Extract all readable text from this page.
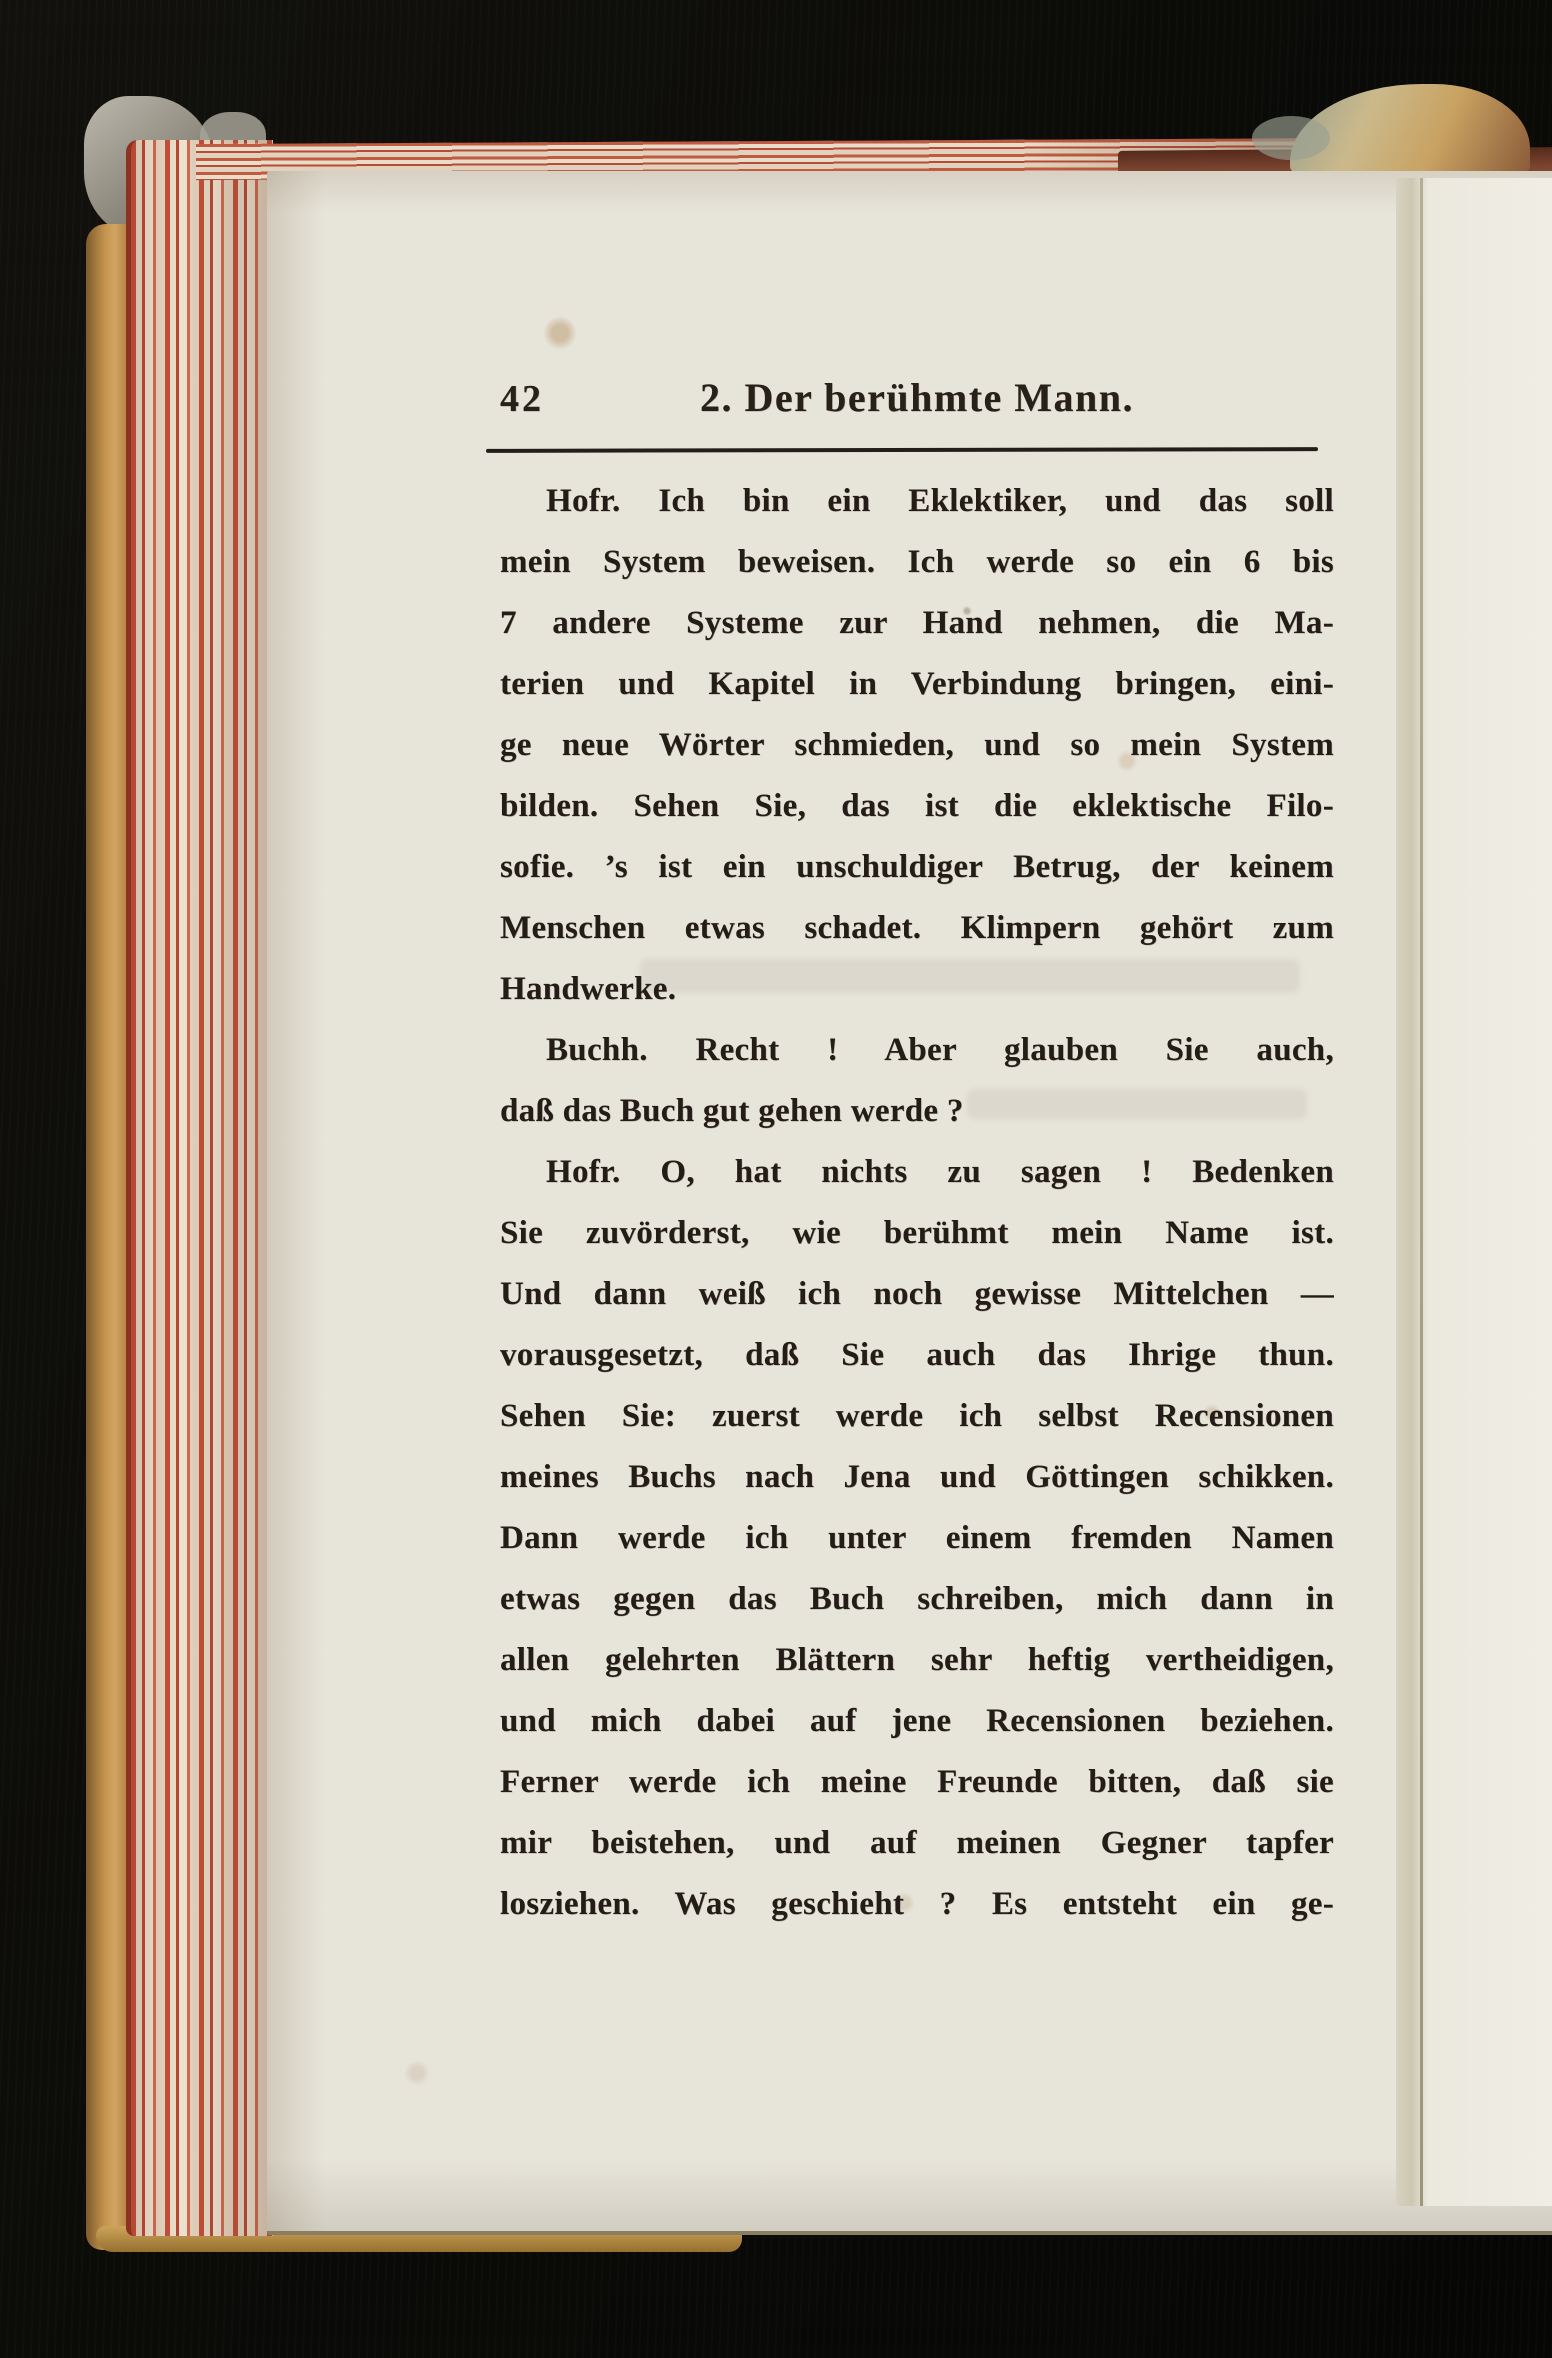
42	2. Der berühmte Mann.
Hofr. Ich bin ein Eklektiker, und das soll
mein System beweisen. Ich werde so ein 6 bis
7 andere Systeme zur Hand nehmen, die Ma-
terien und Kapitel in Verbindung bringen, eini-
ge neue Wörter schmieden, und so mein System
bilden. Sehen Sie, das ist die eklektische Filo-
sofie. ’s ist ein unschuldiger Betrug, der keinem
Menschen etwas schadet. Klimpern gehört zum
Handwerke.
Buchh. Recht ! Aber glauben Sie auch,
daß das Buch gut gehen werde ?
Hofr. O, hat nichts zu sagen ! Bedenken
Sie zuvörderst, wie berühmt mein Name ist.
Und dann weiß ich noch gewisse Mittelchen —
vorausgesetzt, daß Sie auch das Ihrige thun.
Sehen Sie: zuerst werde ich selbst Recensionen
meines Buchs nach Jena und Göttingen schikken.
Dann werde ich unter einem fremden Namen
etwas gegen das Buch schreiben, mich dann in
allen gelehrten Blättern sehr heftig vertheidigen,
und mich dabei auf jene Recensionen beziehen.
Ferner werde ich meine Freunde bitten, daß sie
mir beistehen, und auf meinen Gegner tapfer
losziehen. Was geschieht ? Es entsteht ein ge-
